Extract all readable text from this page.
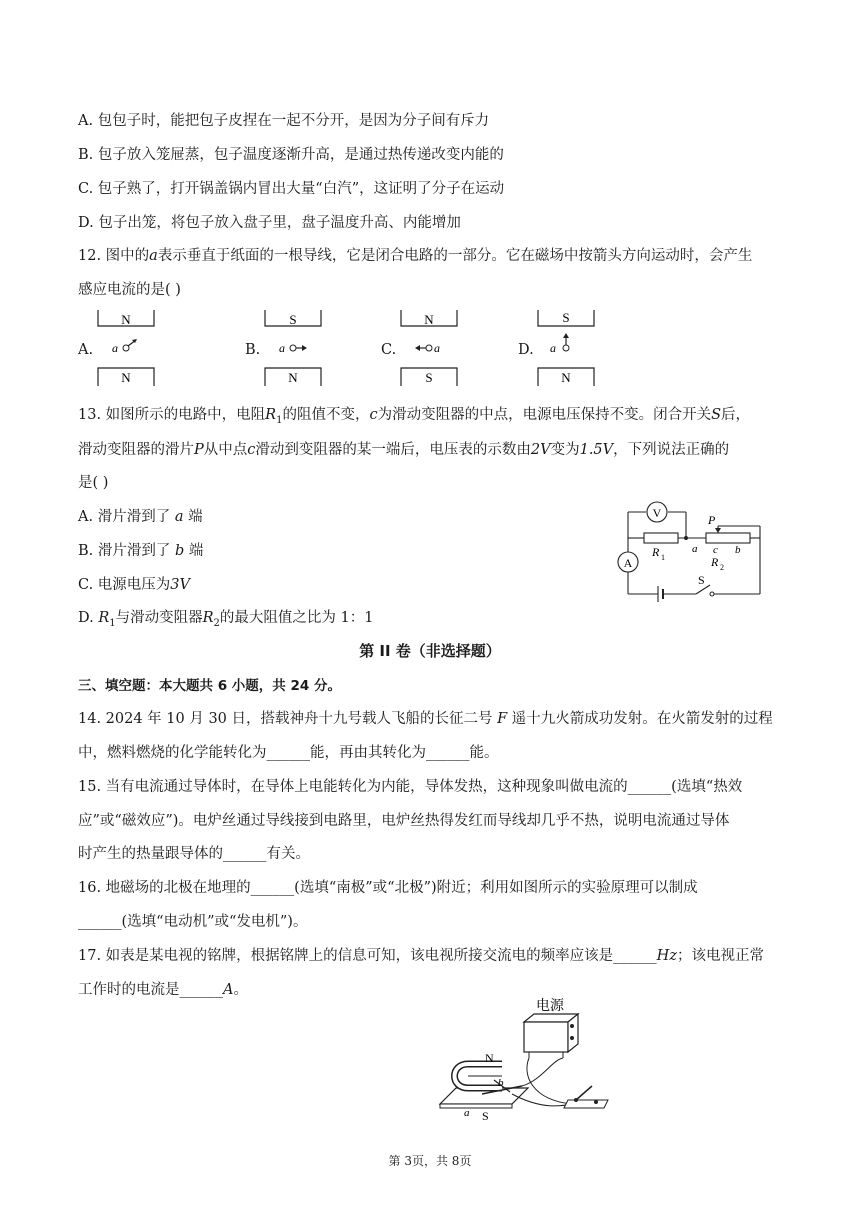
A. 包包子时，能把包子皮捏在一起不分开，是因为分子间有斥力
B. 包子放入笼屉蒸，包子温度逐渐升高，是通过热传递改变内能的
C. 包子熟了，打开锅盖锅内冒出大量“白汽”，这证明了分子在运动
D. 包子出笼，将包子放入盘子里，盘子温度升高、内能增加
12. 图中的a表示垂直于纸面的一根导线，它是闭合电路的一部分。它在磁场中按箭头方向运动时，会产生
感应电流的是( )
A.
N
N
a	B.
S
N
a	C.
N
S
a	D.
S
N
a
13. 如图所示的电路中，电阻$R_1$的阻值不变，c为滑动变阻器的中点，电源电压保持不变。闭合开关S后，
滑动变阻器的滑片P从中点c滑动到变阻器的某一端后，电压表的示数由2V变为1.5V，下列说法正确的
是( )
A. 滑片滑到了 a 端
B. 滑片滑到了 b 端
C. 电源电压为3V
D. $R_1$与滑动变阻器$R_2$的最大阻值之比为 1：1
V
A
P
R 1
a c b
R 2
S
第 II 卷（非选择题）
三、填空题：本大题共 6 小题，共 24 分。
14. 2024 年 10 月 30 日，搭载神舟十九号载人飞船的长征二号 F 遥十九火箭成功发射。在火箭发射的过程
中，燃料燃烧的化学能转化为______能，再由其转化为______能。
15. 当有电流通过导体时，在导体上电能转化为内能，导体发热，这种现象叫做电流的______(选填“热效
应”或“磁效应”)。电炉丝通过导线接到电路里，电炉丝热得发红而导线却几乎不热，说明电流通过导体
时产生的热量跟导体的______有关。
16. 地磁场的北极在地理的______(选填“南极”或“北极”)附近；利用如图所示的实验原理可以制成
______(选填“电动机”或“发电机”)。
17. 如表是某电视的铭牌，根据铭牌上的信息可知，该电视所接交流电的频率应该是______Hz；该电视正常
工作时的电流是______A。
电源
N
S
b
a
第 3页，共 8页
